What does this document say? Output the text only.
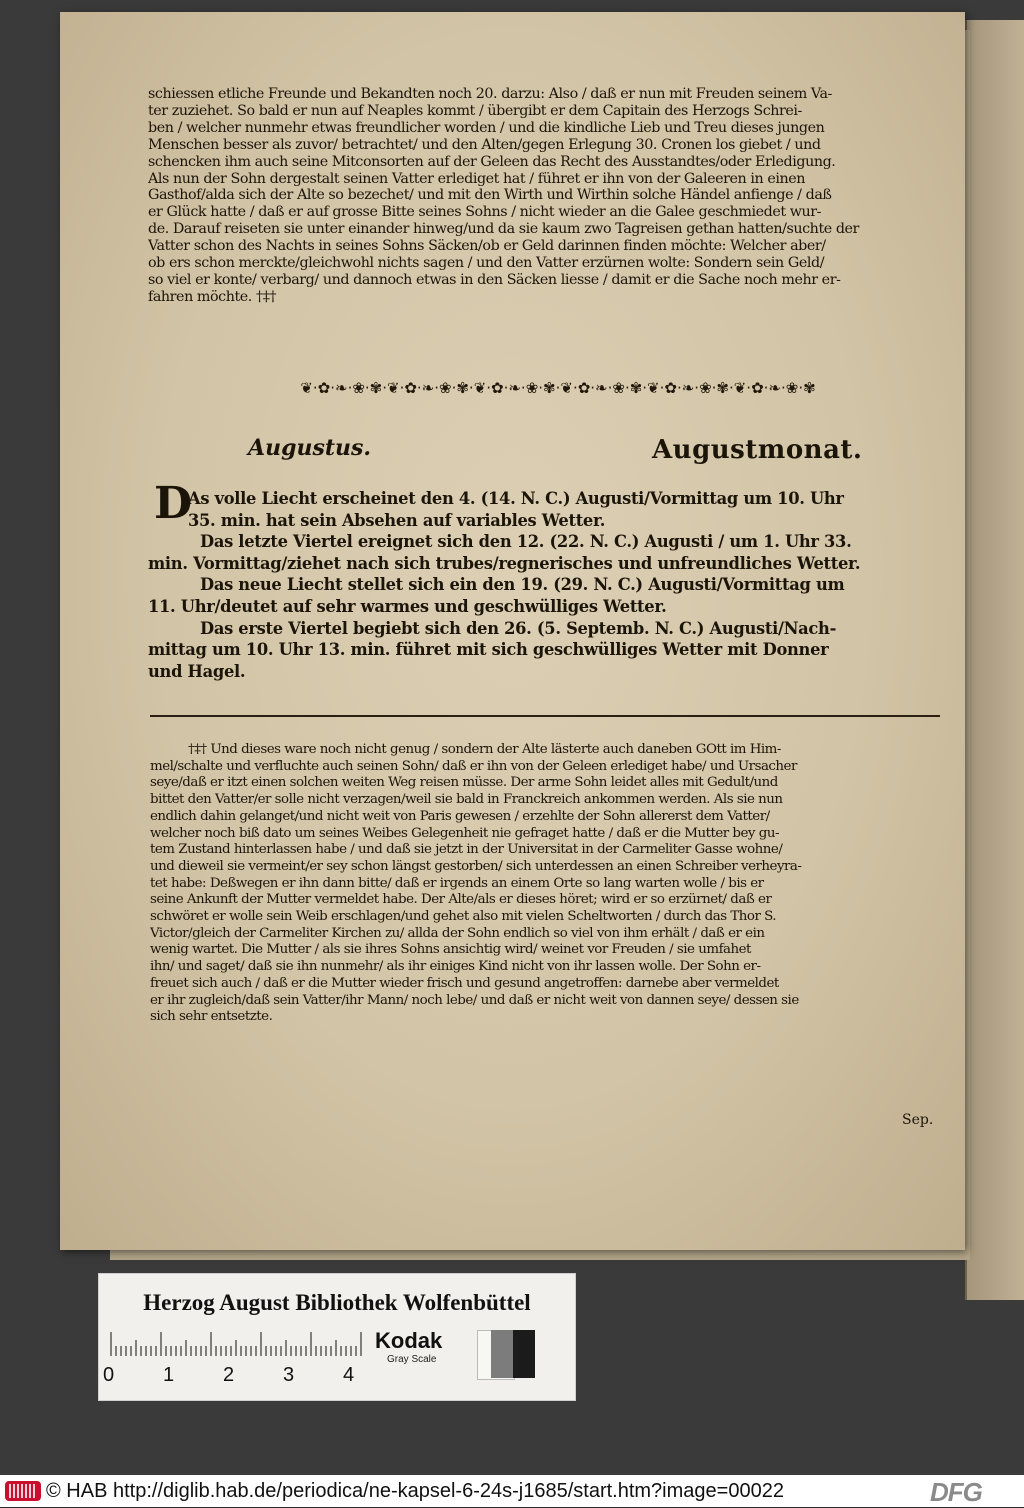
schiessen etliche Freunde und Bekandten noch 20. darzu: Also / daß er nun mit Freuden seinem Va-
ter zuziehet. So bald er nun auf Neaples kommt / übergibt er dem Capitain des Herzogs Schrei-
ben / welcher nunmehr etwas freundlicher worden / und die kindliche Lieb und Treu dieses jungen
Menschen besser als zuvor/ betrachtet/ und den Alten/gegen Erlegung 30. Cronen los giebet / und
schencken ihm auch seine Mitconsorten auf der Geleen das Recht des Ausstandtes/oder Erledigung.
Als nun der Sohn dergestalt seinen Vatter erlediget hat / führet er ihn von der Galeeren in einen
Gasthof/alda sich der Alte so bezechet/ und mit den Wirth und Wirthin solche Händel anfienge / daß
er Glück hatte / daß er auf grosse Bitte seines Sohns / nicht wieder an die Galee geschmiedet wur-
de. Darauf reiseten sie unter einander hinweg/und da sie kaum zwo Tagreisen gethan hatten/suchte der
Vatter schon des Nachts in seines Sohns Säcken/ob er Geld darinnen finden möchte: Welcher aber/
ob ers schon merckte/gleichwohl nichts sagen / und den Vatter erzürnen wolte: Sondern sein Geld/
so viel er konte/ verbarg/ und dannoch etwas in den Säcken liesse / damit er die Sache noch mehr er-
fahren möchte. †‡†
❦·✿·❧·❀·✾·❦·✿·❧·❀·✾·❦·✿·❧·❀·✾·❦·✿·❧·❀·✾·❦·✿·❧·❀·✾·❦·✿·❧·❀·✾
Augustus.	Augustmonat.
D
As volle Liecht erscheinet den 4. (14. N. C.) Augusti/Vormittag um 10. Uhr
35. min. hat sein Absehen auf variables Wetter.
Das letzte Viertel ereignet sich den 12. (22. N. C.) Augusti / um 1. Uhr 33.
min. Vormittag/ziehet nach sich trubes/regnerisches und unfreundliches Wetter.
Das neue Liecht stellet sich ein den 19. (29. N. C.) Augusti/Vormittag um
11. Uhr/deutet auf sehr warmes und geschwülliges Wetter.
Das erste Viertel begiebt sich den 26. (5. Septemb. N. C.) Augusti/Nach-
mittag um 10. Uhr 13. min. führet mit sich geschwülliges Wetter mit Donner
und Hagel.
†‡† Und dieses ware noch nicht genug / sondern der Alte lästerte auch daneben GOtt im Him-
mel/schalte und verfluchte auch seinen Sohn/ daß er ihn von der Geleen erlediget habe/ und Ursacher
seye/daß er itzt einen solchen weiten Weg reisen müsse. Der arme Sohn leidet alles mit Gedult/und
bittet den Vatter/er solle nicht verzagen/weil sie bald in Franckreich ankommen werden. Als sie nun
endlich dahin gelanget/und nicht weit von Paris gewesen / erzehlte der Sohn allererst dem Vatter/
welcher noch biß dato um seines Weibes Gelegenheit nie gefraget hatte / daß er die Mutter bey gu-
tem Zustand hinterlassen habe / und daß sie jetzt in der Universitat in der Carmeliter Gasse wohne/
und dieweil sie vermeint/er sey schon längst gestorben/ sich unterdessen an einen Schreiber verheyra-
tet habe: Deßwegen er ihn dann bitte/ daß er irgends an einem Orte so lang warten wolle / bis er
seine Ankunft der Mutter vermeldet habe. Der Alte/als er dieses höret; wird er so erzürnet/ daß er
schwöret er wolle sein Weib erschlagen/und gehet also mit vielen Scheltworten / durch das Thor S.
Victor/gleich der Carmeliter Kirchen zu/ allda der Sohn endlich so viel von ihm erhält / daß er ein
wenig wartet. Die Mutter / als sie ihres Sohns ansichtig wird/ weinet vor Freuden / sie umfahet
ihn/ und saget/ daß sie ihn nunmehr/ als ihr einiges Kind nicht von ihr lassen wolle. Der Sohn er-
freuet sich auch / daß er die Mutter wieder frisch und gesund angetroffen: darnebe aber vermeldet
er ihr zugleich/daß sein Vatter/ihr Mann/ noch lebe/ und daß er nicht weit von dannen seye/ dessen sie
sich sehr entsetzte.
Sep.
Herzog August Bibliothek Wolfenbüttel
0 1 2 3 4
Kodak
Gray Scale
© HAB http://diglib.hab.de/periodica/ne-kapsel-6-24s-j1685/start.htm?image=00022	DFG
